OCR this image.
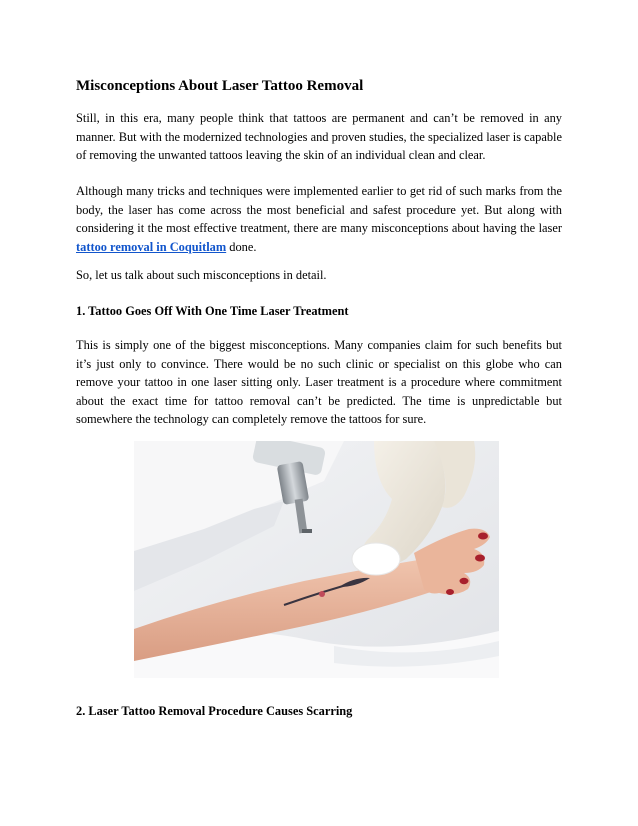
Misconceptions About Laser Tattoo Removal

Still, in this era, many people think that tattoos are permanent and can’t be removed in any manner. But with the modernized technologies and proven studies, the specialized laser is capable of removing the unwanted tattoos leaving the skin of an individual clean and clear.

Although many tricks and techniques were implemented earlier to get rid of such marks from the body, the laser has come across the most beneficial and safest procedure yet. But along with considering it the most effective treatment, there are many misconceptions about having the laser tattoo removal in Coquitlam done.

So, let us talk about such misconceptions in detail.

1. Tattoo Goes Off With One Time Laser Treatment

This is simply one of the biggest misconceptions. Many companies claim for such benefits but it’s just only to convince. There would be no such clinic or specialist on this globe who can remove your tattoo in one laser sitting only. Laser treatment is a procedure where commitment about the exact time for tattoo removal can’t be predicted. The time is unpredictable but somewhere the technology can completely remove the tattoos for sure.

2. Laser Tattoo Removal Procedure Causes Scarring
